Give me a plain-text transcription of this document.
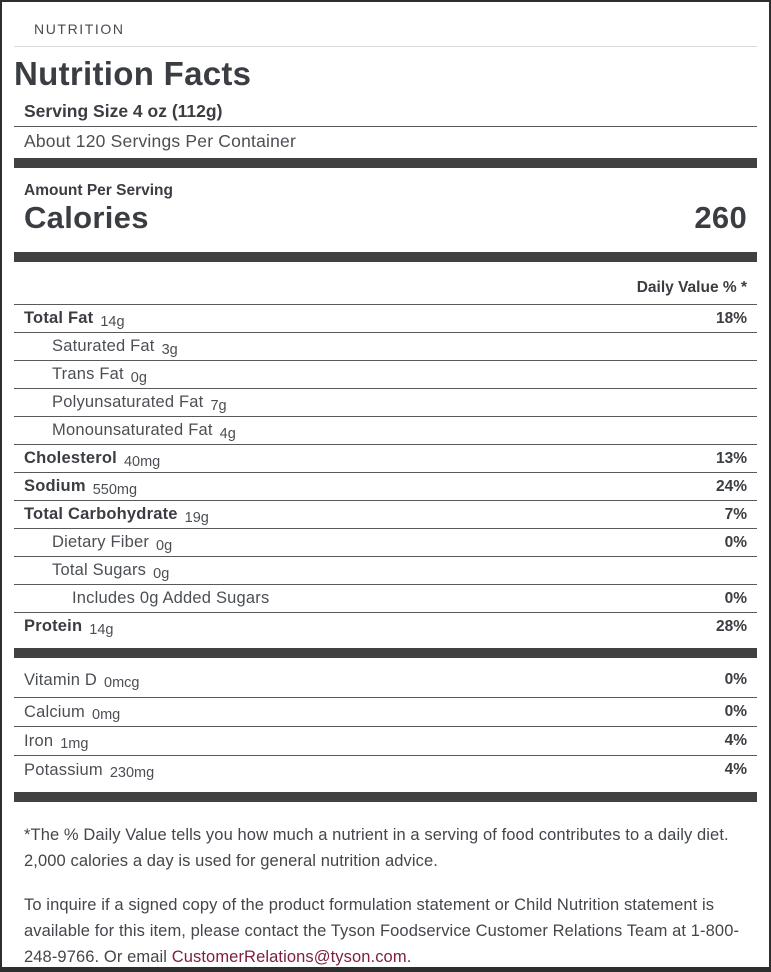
NUTRITION
Nutrition Facts
Serving Size 4 oz (112g)
About 120 Servings Per Container
Amount Per Serving
Calories	260
Daily Value % *
Total Fat 14g	18%
Saturated Fat 3g
Trans Fat 0g
Polyunsaturated Fat 7g
Monounsaturated Fat 4g
Cholesterol 40mg	13%
Sodium 550mg	24%
Total Carbohydrate 19g	7%
Dietary Fiber 0g	0%
Total Sugars 0g
Includes 0g Added Sugars	0%
Protein 14g	28%
Vitamin D 0mcg	0%
Calcium 0mg	0%
Iron 1mg	4%
Potassium 230mg	4%

*The % Daily Value tells you how much a nutrient in a serving of food contributes to a daily diet. 2,000 calories a day is used for general nutrition advice.

To inquire if a signed copy of the product formulation statement or Child Nutrition statement is available for this item, please contact the Tyson Foodservice Customer Relations Team at 1-800-248-9766. Or email CustomerRelations@tyson.com.
